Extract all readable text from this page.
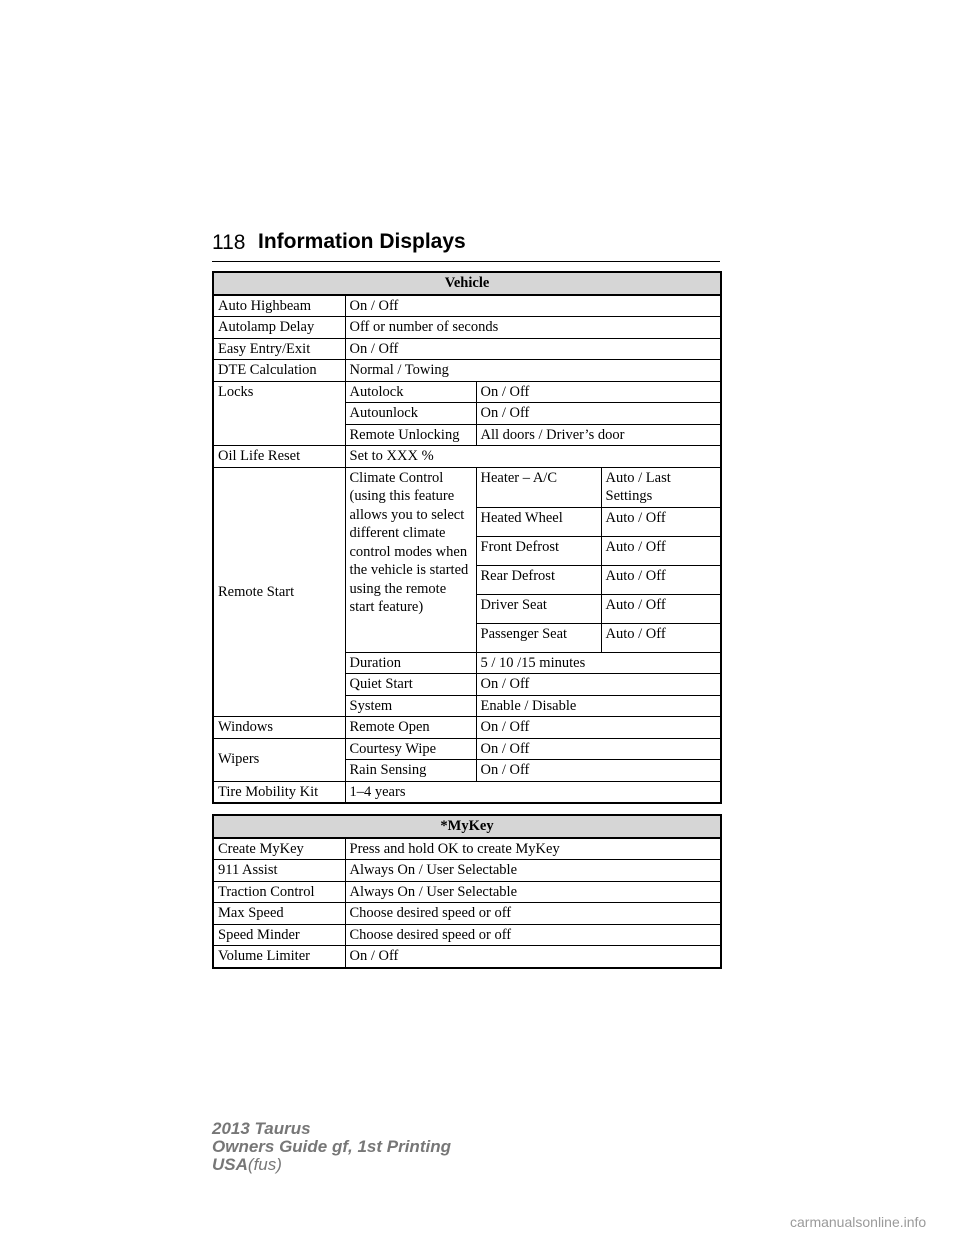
118 Information Displays
Vehicle			
Auto Highbeam	On / Off		
Autolamp Delay	Off or number of seconds		
Easy Entry/Exit	On / Off		
DTE Calculation	Normal / Towing		
Locks	Autolock	On / Off	
	Autounlock	On / Off	
	Remote Unlocking	All doors / Driver’s door	
Oil Life Reset	Set to XXX %		
Remote Start	Climate Control (using this feature allows you to select different climate control modes when the vehicle is started using the remote start feature)	Heater – A/C	Auto / Last Settings
		Heated Wheel	Auto / Off
		Front Defrost	Auto / Off
		Rear Defrost	Auto / Off
		Driver Seat	Auto / Off
		Passenger Seat	Auto / Off
	Duration	5 / 10 /15 minutes	
	Quiet Start	On / Off	
	System	Enable / Disable	
Windows	Remote Open	On / Off	
Wipers	Courtesy Wipe	On / Off	
	Rain Sensing	On / Off	
Tire Mobility Kit	1–4 years		
*MyKey	
Create MyKey	Press and hold OK to create MyKey
911 Assist	Always On / User Selectable
Traction Control	Always On / User Selectable
Max Speed	Choose desired speed or off
Speed Minder	Choose desired speed or off
Volume Limiter	On / Off
2013 Taurus
Owners Guide gf, 1st Printing
USA(fus)
carmanualsonline.info
